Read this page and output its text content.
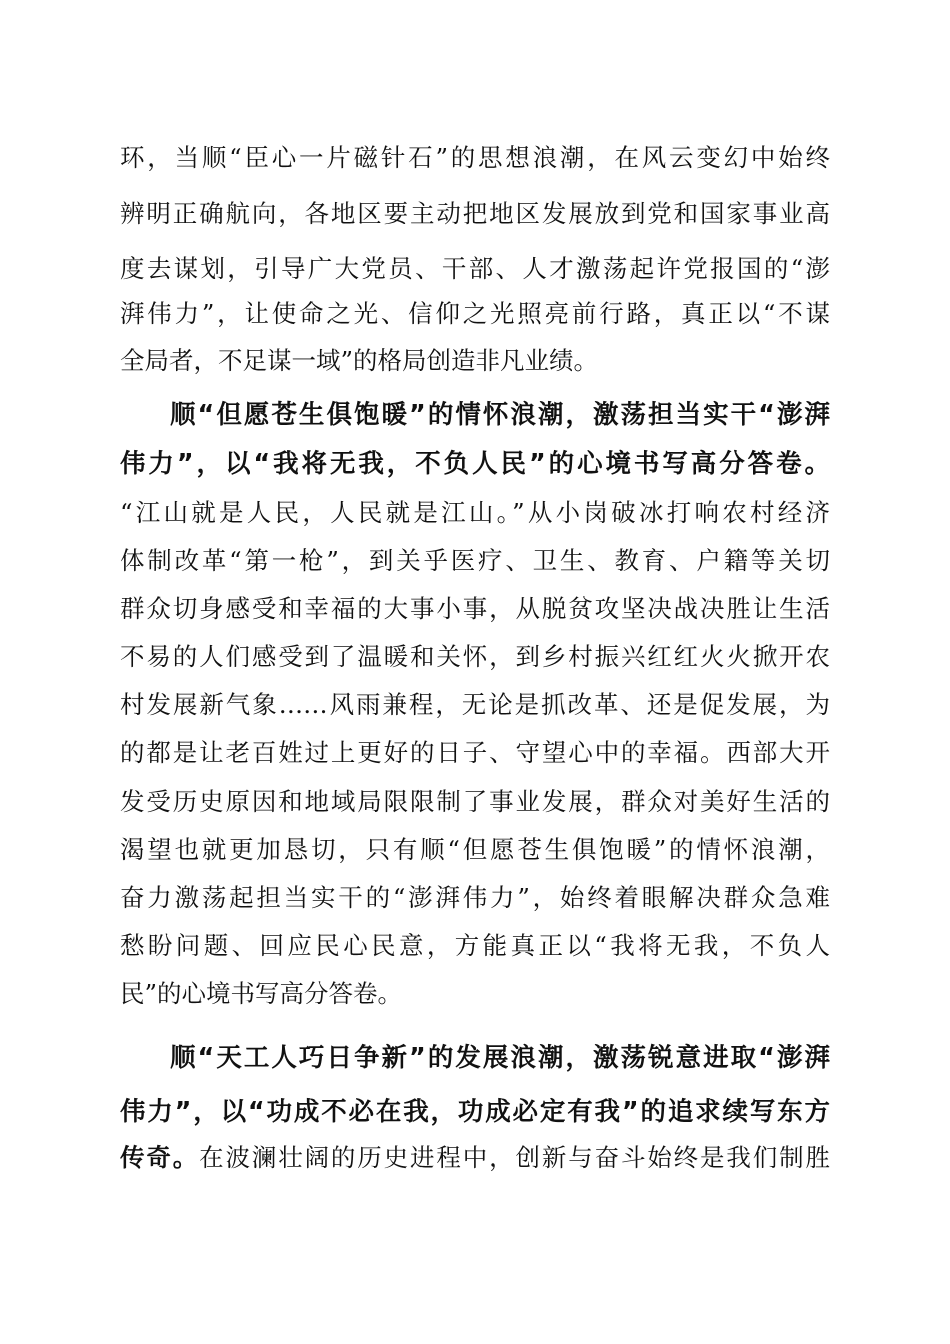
环，当顺“臣心一片磁针石”的思想浪潮，在风云变幻中始终
辨明正确航向，各地区要主动把地区发展放到党和国家事业高
度去谋划，引导广大党员、干部、人才激荡起许党报国的“澎
湃伟力”，让使命之光、信仰之光照亮前行路，真正以“不谋
全局者，不足谋一域”的格局创造非凡业绩。
顺“但愿苍生俱饱暖”的情怀浪潮，激荡担当实干“澎湃
伟力”，以“我将无我，不负人民”的心境书写高分答卷。
“江山就是人民，人民就是江山。”从小岗破冰打响农村经济
体制改革“第一枪”，到关乎医疗、卫生、教育、户籍等关切
群众切身感受和幸福的大事小事，从脱贫攻坚决战决胜让生活
不易的人们感受到了温暖和关怀，到乡村振兴红红火火掀开农
村发展新气象……风雨兼程，无论是抓改革、还是促发展，为
的都是让老百姓过上更好的日子、守望心中的幸福。西部大开
发受历史原因和地域局限限制了事业发展，群众对美好生活的
渴望也就更加恳切，只有顺“但愿苍生俱饱暖”的情怀浪潮，
奋力激荡起担当实干的“澎湃伟力”，始终着眼解决群众急难
愁盼问题、回应民心民意，方能真正以“我将无我，不负人
民”的心境书写高分答卷。
顺“天工人巧日争新”的发展浪潮，激荡锐意进取“澎湃
伟力”，以“功成不必在我，功成必定有我”的追求续写东方
传奇。在波澜壮阔的历史进程中，创新与奋斗始终是我们制胜
